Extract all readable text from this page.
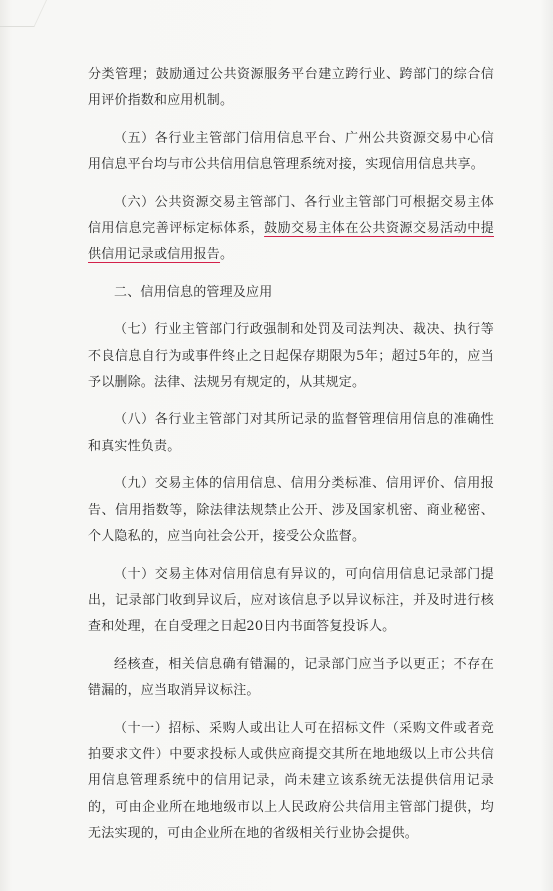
分类管理；鼓励通过公共资源服务平台建立跨行业、跨部门的综合信用评价指数和应用机制。

（五）各行业主管部门信用信息平台、广州公共资源交易中心信用信息平台均与市公共信用信息管理系统对接，实现信用信息共享。

（六）公共资源交易主管部门、各行业主管部门可根据交易主体信用信息完善评标定标体系，鼓励交易主体在公共资源交易活动中提供信用记录或信用报告。

二、信用信息的管理及应用

（七）行业主管部门行政强制和处罚及司法判决、裁决、执行等不良信息自行为或事件终止之日起保存期限为5年；超过5年的，应当予以删除。法律、法规另有规定的，从其规定。

（八）各行业主管部门对其所记录的监督管理信用信息的准确性和真实性负责。

（九）交易主体的信用信息、信用分类标准、信用评价、信用报告、信用指数等，除法律法规禁止公开、涉及国家机密、商业秘密、个人隐私的，应当向社会公开，接受公众监督。

（十）交易主体对信用信息有异议的，可向信用信息记录部门提出，记录部门收到异议后，应对该信息予以异议标注，并及时进行核查和处理，在自受理之日起20日内书面答复投诉人。

经核查，相关信息确有错漏的，记录部门应当予以更正；不存在错漏的，应当取消异议标注。

（十一）招标、采购人或出让人可在招标文件（采购文件或者竞拍要求文件）中要求投标人或供应商提交其所在地地级以上市公共信用信息管理系统中的信用记录，尚未建立该系统无法提供信用记录的，可由企业所在地地级市以上人民政府公共信用主管部门提供，均无法实现的，可由企业所在地的省级相关行业协会提供。
